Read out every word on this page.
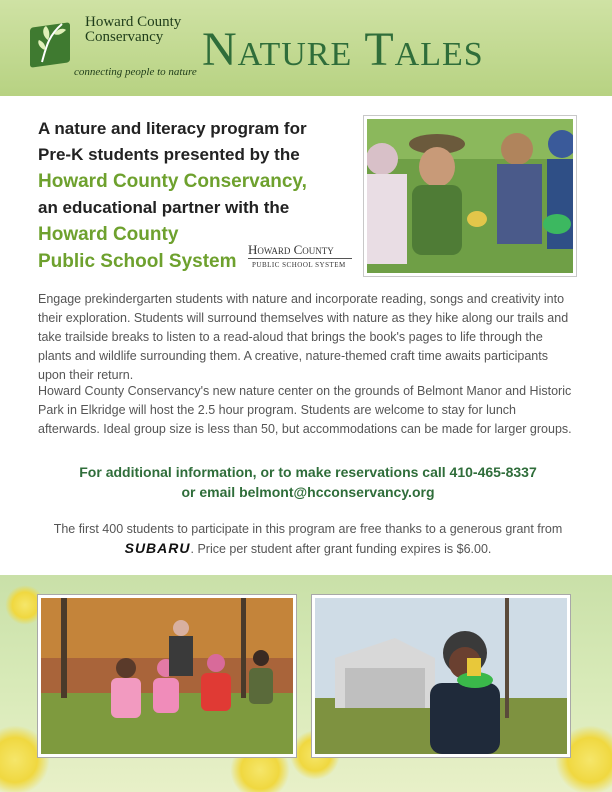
Howard County Conservancy
connecting people to nature Nature Tales
A nature and literacy program for
Pre-K students presented by the
Howard County Conservancy,
an educational partner with the
Howard County
Public School System
Howard County
PUBLIC SCHOOL SYSTEM

Engage prekindergarten students with nature and incorporate reading, songs and creativity into their exploration. Students will surround themselves with nature as they hike along our trails and take trailside breaks to listen to a read-aloud that brings the book's pages to life through the plants and wildlife surrounding them. A creative, nature-themed craft time awaits participants upon their return.

Howard County Conservancy's new nature center on the grounds of Belmont Manor and Historic Park in Elkridge will host the 2.5 hour program. Students are welcome to stay for lunch afterwards. Ideal group size is less than 50, but accommodations can be made for larger groups.

For additional information, or to make reservations call 410-465-8337
or email belmont@hcconservancy.org
The first 400 students to participate in this program are free thanks to a generous grant from
SUBARU. Price per student after grant funding expires is $6.00.
